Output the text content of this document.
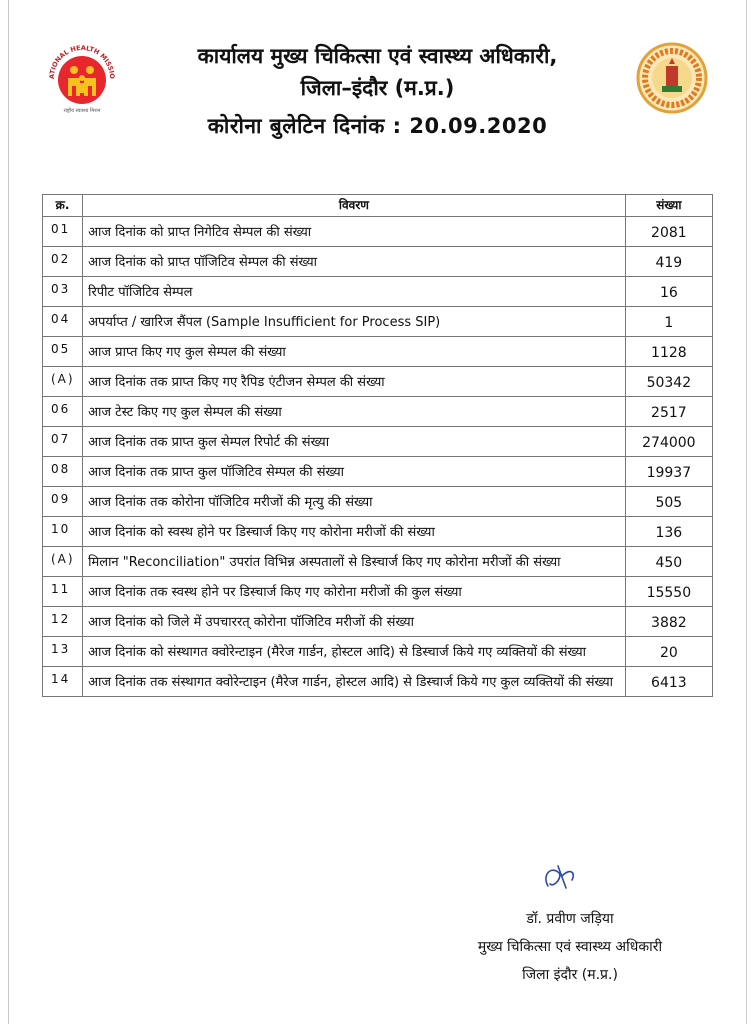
ATIONAL HEALTH MISSIO
राष्ट्रीय स्वास्थ्य मिशन
कार्यालय मुख्य चिकित्सा एवं स्वास्थ्य अधिकारी,
जिला–इंदौर (म.प्र.)
कोरोना बुलेटिन दिनांक : 20.09.2020
क्र.	विवरण	संख्या
01	आज दिनांक को प्राप्त निगेटिव सेम्पल की संख्या	2081
02	आज दिनांक को प्राप्त पॉजिटिव सेम्पल की संख्या	419
03	रिपीट पॉजिटिव सेम्पल	16
04	अपर्याप्त / खारिज सैंपल (Sample Insufficient for Process SIP)	1
05	आज प्राप्त किए गए कुल सेम्पल की संख्या	1128
(A)	आज दिनांक तक प्राप्त किए गए रैपिड एंटीजन सेम्पल की संख्या	50342
06	आज टेस्ट किए गए कुल सेम्पल की संख्या	2517
07	आज दिनांक तक प्राप्त कुल सेम्पल रिपोर्ट की संख्या	274000
08	आज दिनांक तक प्राप्त कुल पॉजिटिव सेम्पल की संख्या	19937
09	आज दिनांक तक कोरोना पॉजिटिव मरीजों की मृत्यु की संख्या	505
10	आज दिनांक को स्वस्थ होने पर डिस्चार्ज किए गए कोरोना मरीजों की संख्या	136
(A)	मिलान "Reconciliation" उपरांत विभिन्न अस्पतालों से डिस्चार्ज किए गए कोरोना मरीजों की संख्या	450
11	आज दिनांक तक स्वस्थ होने पर डिस्चार्ज किए गए कोरोना मरीजों की कुल संख्या	15550
12	आज दिनांक को जिले में उपचाररत् कोरोना पॉजिटिव मरीजों की संख्या	3882
13	आज दिनांक को संस्थागत क्वोरेन्टाइन (मैरेज गार्डन, होस्टल आदि) से डिस्चार्ज किये गए व्यक्तियों की संख्या	20
14	आज दिनांक तक संस्थागत क्वोरेन्टाइन (मैरेज गार्डन, होस्टल आदि) से डिस्चार्ज किये गए कुल व्यक्तियों की संख्या	6413
डॉ. प्रवीण जड़िया
मुख्य चिकित्सा एवं स्वास्थ्य अधिकारी
जिला इंदौर (म.प्र.)
